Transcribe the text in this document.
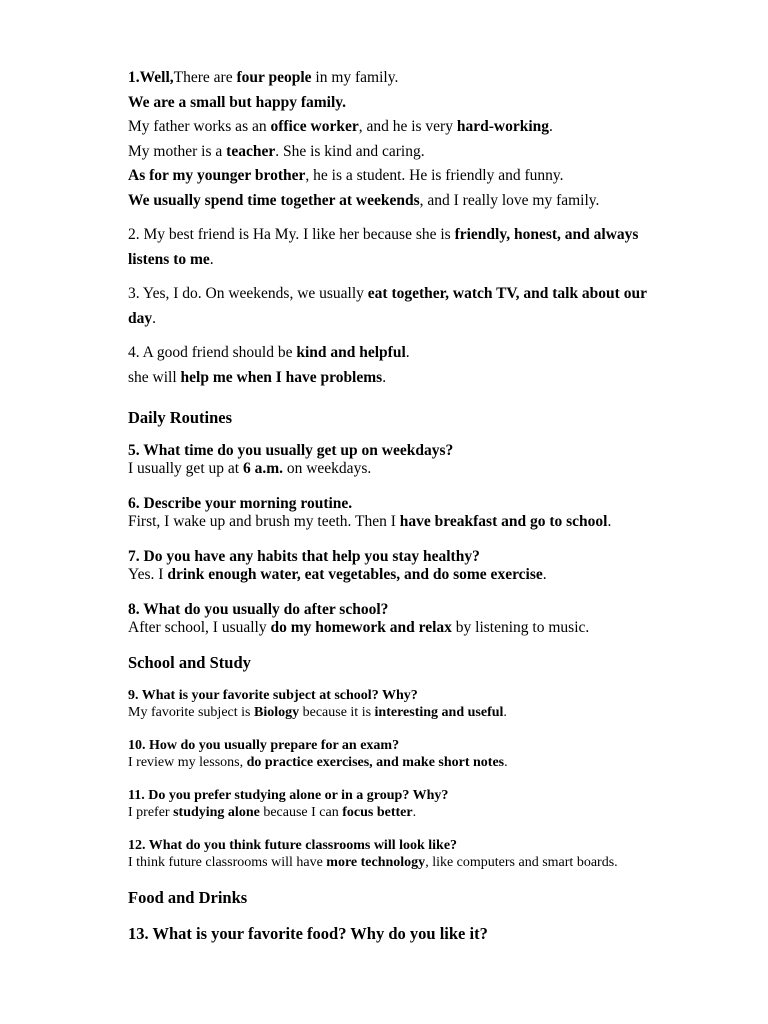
1.Well,There are four people in my family.
We are a small but happy family.
My father works as an office worker, and he is very hard-working.
My mother is a teacher. She is kind and caring.
As for my younger brother, he is a student. He is friendly and funny.
We usually spend time together at weekends, and I really love my family.
2. My best friend is Ha My. I like her because she is friendly, honest, and always
listens to me.
3. Yes, I do. On weekends, we usually eat together, watch TV, and talk about our
day.
4. A good friend should be kind and helpful.
she will help me when I have problems.
Daily Routines
5. What time do you usually get up on weekdays?
I usually get up at 6 a.m. on weekdays.
6. Describe your morning routine.
First, I wake up and brush my teeth. Then I have breakfast and go to school.
7. Do you have any habits that help you stay healthy?
Yes. I drink enough water, eat vegetables, and do some exercise.
8. What do you usually do after school?
After school, I usually do my homework and relax by listening to music.
School and Study
9. What is your favorite subject at school? Why?
My favorite subject is Biology because it is interesting and useful.
10. How do you usually prepare for an exam?
I review my lessons, do practice exercises, and make short notes.
11. Do you prefer studying alone or in a group? Why?
I prefer studying alone because I can focus better.
12. What do you think future classrooms will look like?
I think future classrooms will have more technology, like computers and smart boards.
Food and Drinks
13. What is your favorite food? Why do you like it?
